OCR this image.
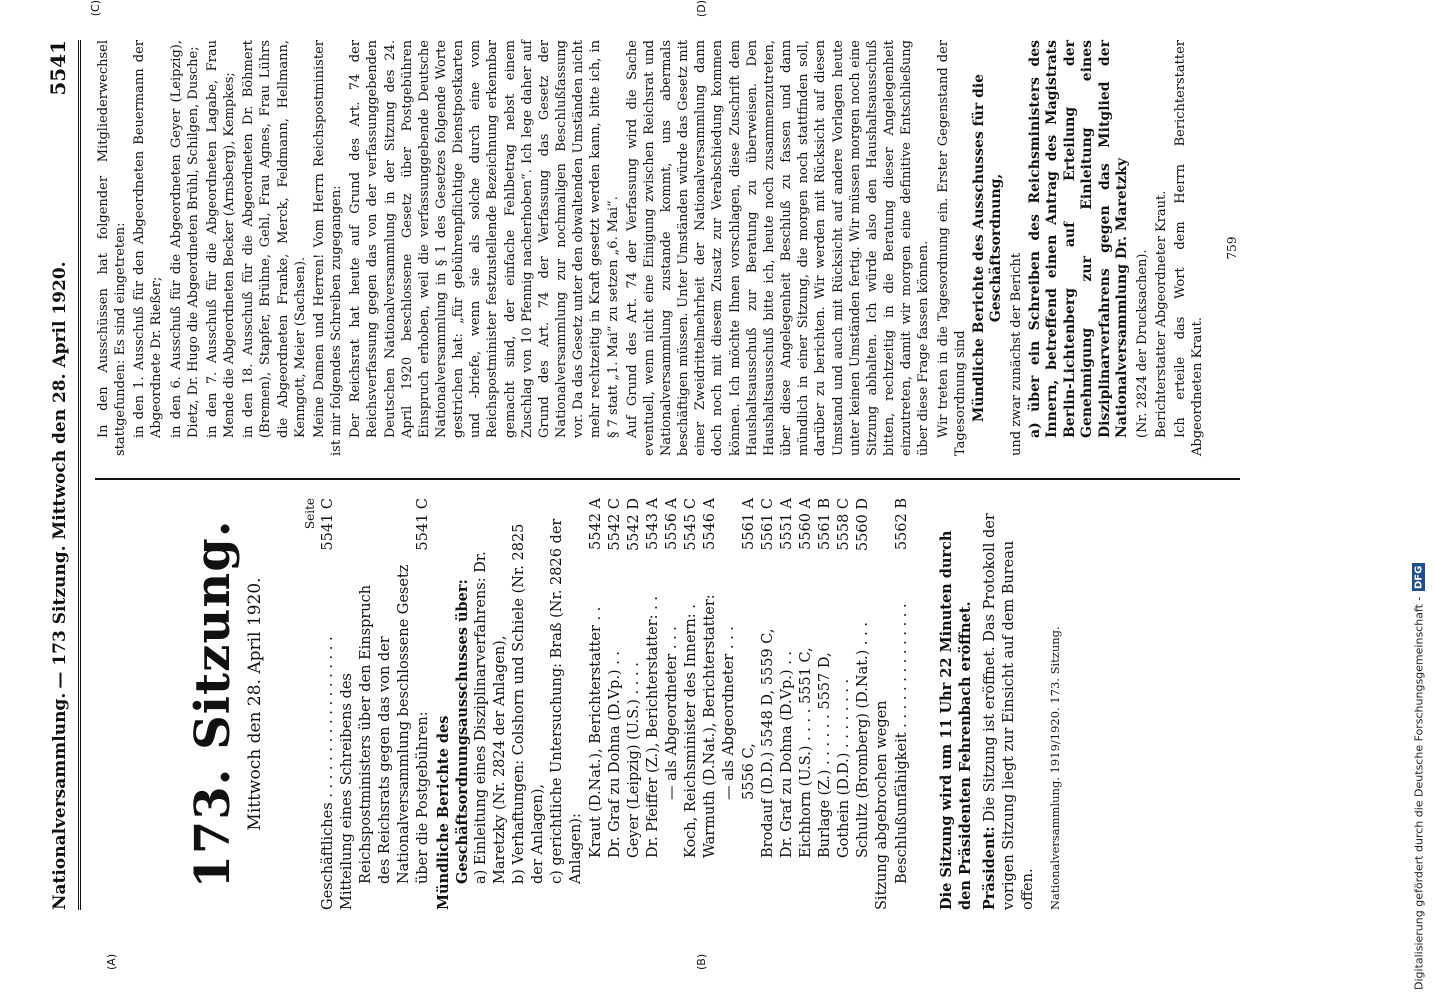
Nationalversammlung.
— 173 Sitzung. Mittwoch den 28. April 1920.
5541
(A)	(B)
173. Sitzung. Mittwoch den 28. April 1920.
Seite
Geschäftliches . . . . . . . . . . . . . . . . . .
5541 C
Mitteilung eines Schreibens des Reichspostministers über den Einspruch des Reichsrats gegen das von der Nationalversammlung beschlossene Gesetz über die Postgebühren:
5541 C
Mündliche Berichte des Geschäftsordnungsausschusses über: a) Einleitung eines Disziplinarverfahrens: Dr. Maretzky (Nr. 2824 der Anlagen), b) Verhaftungen: Colshorn und Schiele (Nr. 2825 der Anlagen), c) gerichtliche Untersuchung: Braß (Nr. 2826 der Anlagen): Kraut (D.Nat.), Berichterstatter . .
5542 A
Dr. Graf zu Dohna (D.Vp.) . .
5542 C
Geyer (Leipzig) (U.S.) . . . .
5542 D
Dr. Pfeiffer (Z.), Berichterstatter: . .
5543 A
— als Abgeordneter . . .
5556 A
Koch, Reichsminister des Innern: .
5545 C
Warmuth (D.Nat.), Berichterstatter:
5546 A
— als Abgeordneter . . . 5556 C,
5561 A
Brodauf (D.D.) 5548 D, 5559 C,
5561 C
Dr. Graf zu Dohna (D.Vp.) . .
5551 A
Eichhorn (U.S.) . . . . 5551 C,
5560 A
Burlage (Z.) . . . . . . 5557 D,
5561 B
Gothein (D.D.) . . . . . . . .
5558 C
Schultz (Bromberg) (D.Nat.) . . .
5560 D
Sitzung abgebrochen wegen Beschlußunfähigkeit . . . . . . . . . . . . . .
5562 B

Die Sitzung wird um 11 Uhr 22 Minuten durch den Präsidenten Fehrenbach eröffnet. Präsident: Die Sitzung ist eröffnet. Das Protokoll der vorigen Sitzung liegt zur Einsicht auf dem Bureau offen. Nationalversammlung. 1919/1920. 173. Sitzung.
(C)	(D)

In den Ausschüssen hat folgender Mitgliederwechsel stattgefunden: Es sind eingetreten: in den 1. Ausschuß für den Abgeordneten Beuermann der Abgeordnete Dr. Rießer; in den 6. Ausschuß für die Abgeordneten Geyer (Leipzig), Dietz, Dr. Hugo die Abgeordneten Brühl, Schilgen, Dusche; in den 7. Ausschuß für die Abgeordneten Lagabe, Frau Mende die Abgeordneten Becker (Arnsberg), Kempkes; in den 18. Ausschuß für die Abgeordneten Dr. Böhmert (Bremen), Stapfer, Brühne, Gehl, Frau Agnes, Frau Lührs die Abgeordneten Franke, Merck, Feldmann, Hellmann, Kenngott, Meier (Sachsen). Meine Damen und Herren! Vom Herrn Reichspostminister ist mir folgendes Schreiben zugegangen: Der Reichsrat hat heute auf Grund des Art. 74 der Reichsverfassung gegen das von der verfassunggebenden Deutschen Nationalversammlung in der Sitzung des 24. April 1920 beschlossene Gesetz über Postgebühren Einspruch erhoben, weil die verfassunggebende Deutsche Nationalversammlung in § 1 des Gesetzes folgende Worte gestrichen hat: „für gebührenpflichtige Dienstpostkarten und -briefe, wenn sie als solche durch eine vom Reichspostminister festzustellende Bezeichnung erkennbar gemacht sind, der einfache Fehlbetrag nebst einem Zuschlag von 10 Pfennig nacherhoben“. Ich lege daher auf Grund des Art. 74 der Verfassung das Gesetz der Nationalversammlung zur nochmaligen Beschlußfassung vor. Da das Gesetz unter den obwaltenden Umständen nicht mehr rechtzeitig in Kraft gesetzt werden kann, bitte ich, in § 7 statt „1. Mai“ zu setzen „6. Mai“. Auf Grund des Art. 74 der Verfassung wird die Sache eventuell, wenn nicht eine Einigung zwischen Reichsrat und Nationalversammlung zustande kommt, uns abermals beschäftigen müssen. Unter Umständen würde das Gesetz mit einer Zweidrittelmehrheit der Nationalversammlung dann doch noch mit diesem Zusatz zur Verabschiedung kommen können. Ich möchte Ihnen vorschlagen, diese Zuschrift dem Haushaltsausschuß zur Beratung zu überweisen. Den Haushaltsausschuß bitte ich, heute noch zusammenzutreten, über diese Angelegenheit Beschluß zu fassen und dann mündlich in einer Sitzung, die morgen noch stattfinden soll, darüber zu berichten. Wir werden mit Rücksicht auf diesen Umstand und auch mit Rücksicht auf andere Vorlagen heute unter keinen Umständen fertig. Wir müssen morgen noch eine Sitzung abhalten. Ich würde also den Haushaltsausschuß bitten, rechtzeitig in die Beratung dieser Angelegenheit einzutreten, damit wir morgen eine definitive Entschließung über diese Frage fassen können. Wir treten in die Tagesordnung ein. Erster Gegenstand der Tagesordnung sind Mündliche Berichte des Ausschusses für die Geschäftsordnung,

und zwar zunächst der Bericht a) über ein Schreiben des Reichsministers des Innern, betreffend einen Antrag des Magistrats Berlin-Lichtenberg auf Erteilung der Genehmigung zur Einleitung eines Disziplinarverfahrens gegen das Mitglied der Nationalversammlung Dr. Maretzky (Nr. 2824 der Drucksachen). Berichterstatter Abgeordneter Kraut. Ich erteile das Wort dem Herrn Berichterstatter Abgeordneten Kraut.

759
Digitalisierung gefördert durch die Deutsche Forschungsgemeinschaft -
DFG
